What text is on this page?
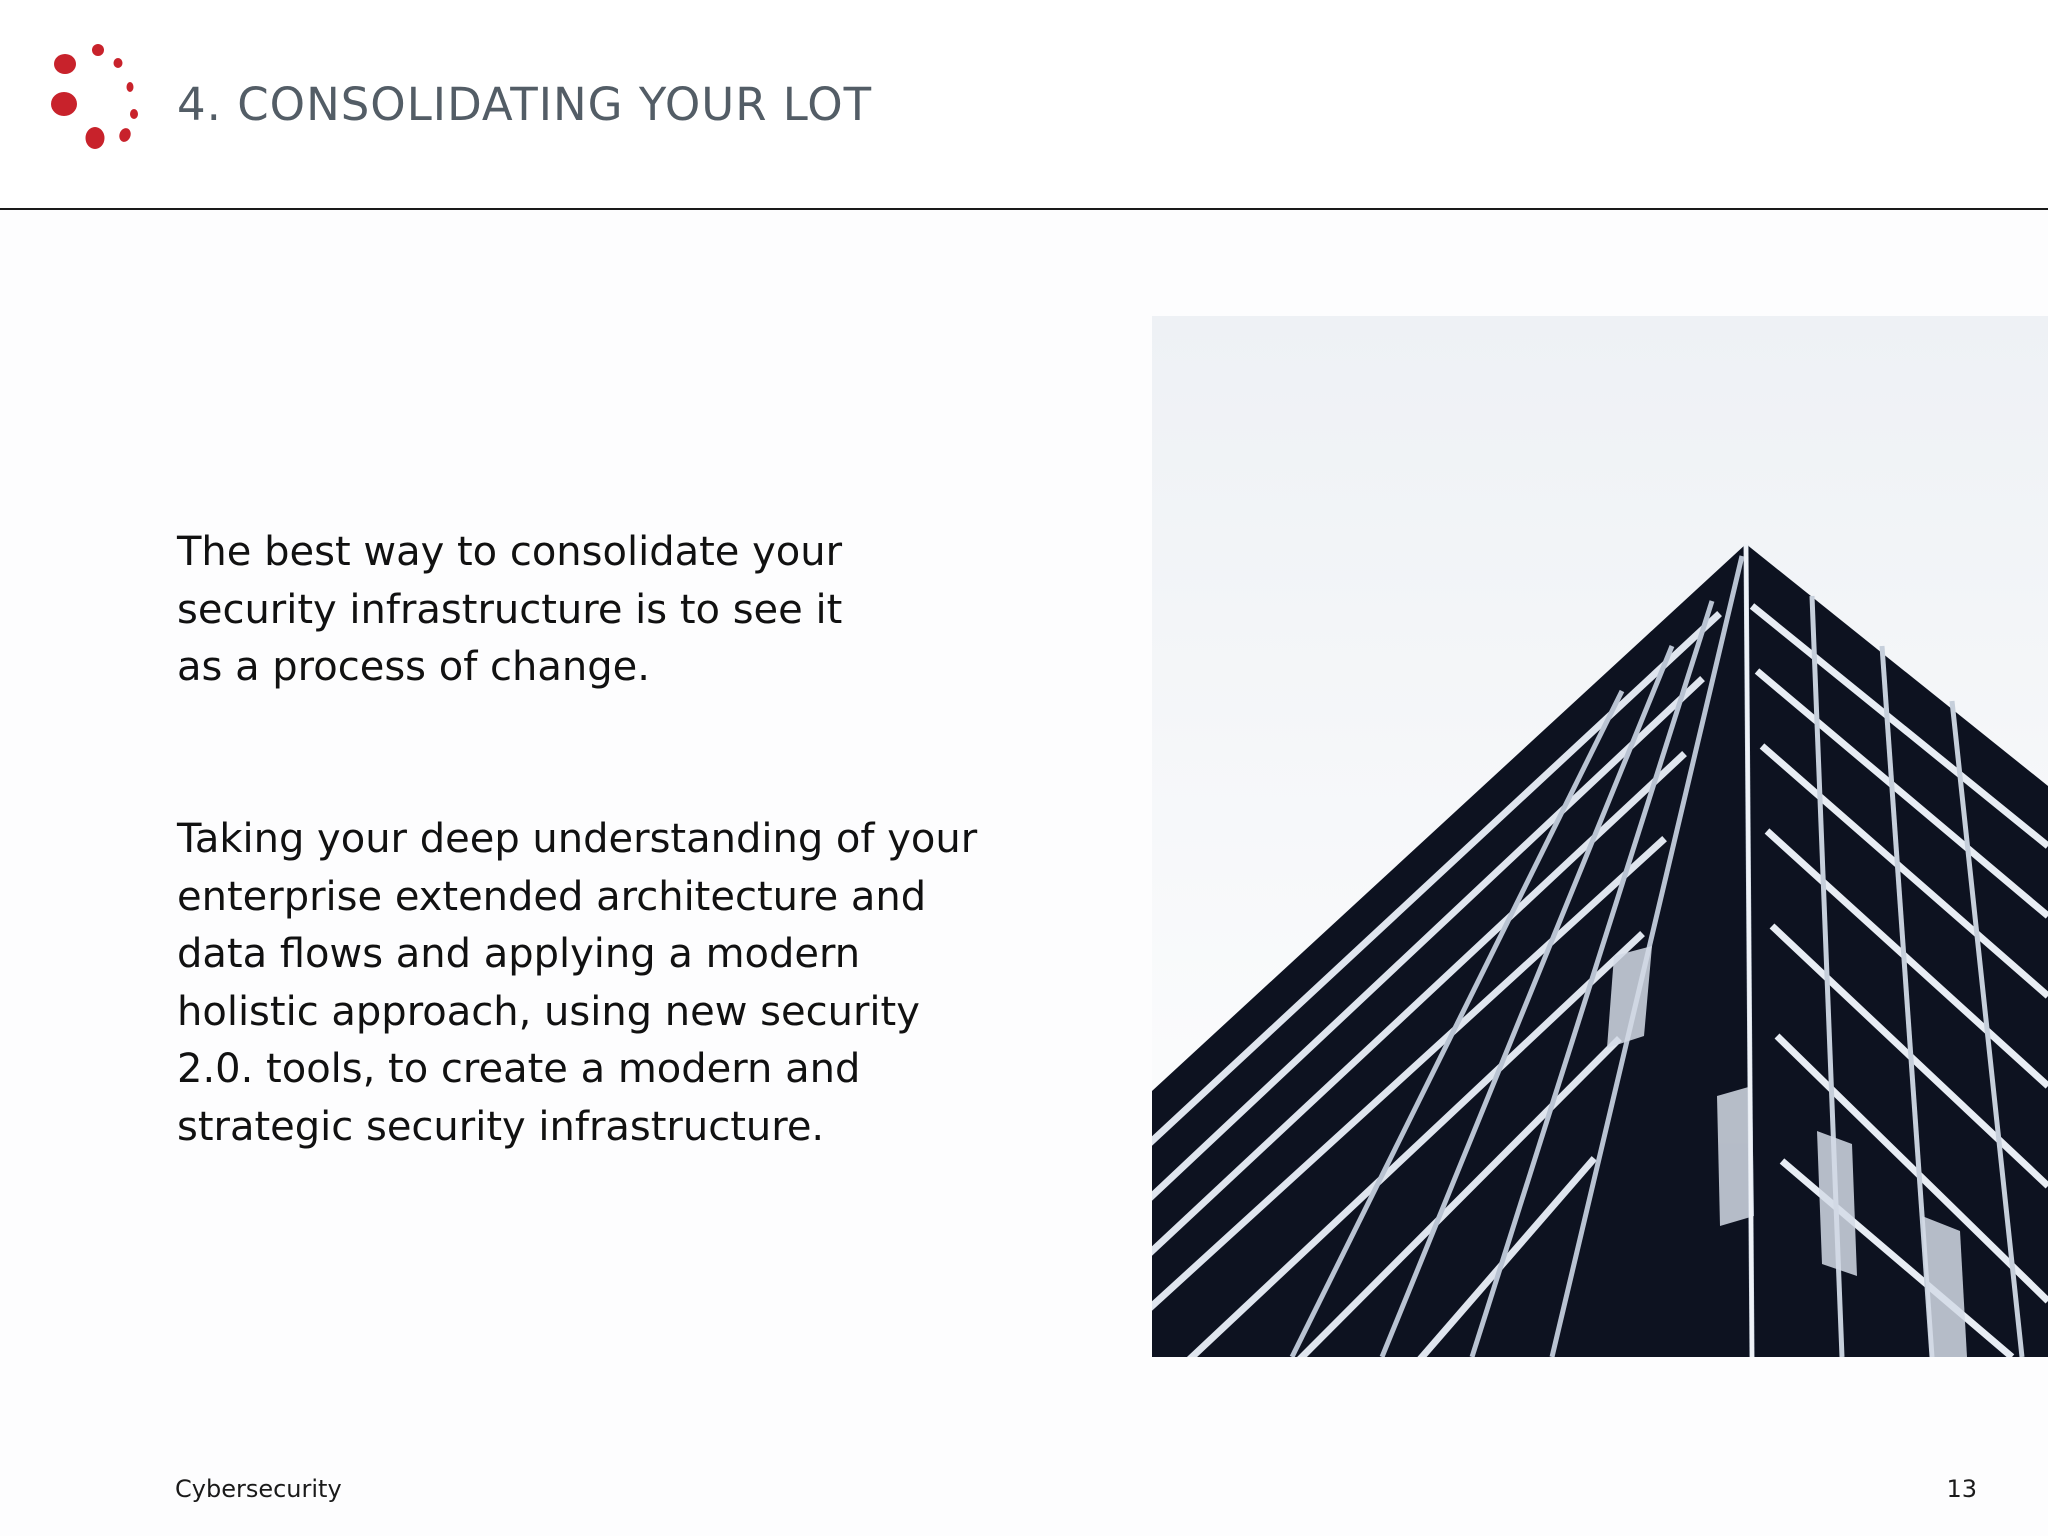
4. CONSOLIDATING YOUR LOT

The best way to consolidate your
security infrastructure is to see it
as a process of change.

Taking your deep understanding of your
enterprise extended architecture and
data flows and applying a modern
holistic approach, using new security
2.0. tools, to create a modern and
strategic security infrastructure.

Cybersecurity	13
